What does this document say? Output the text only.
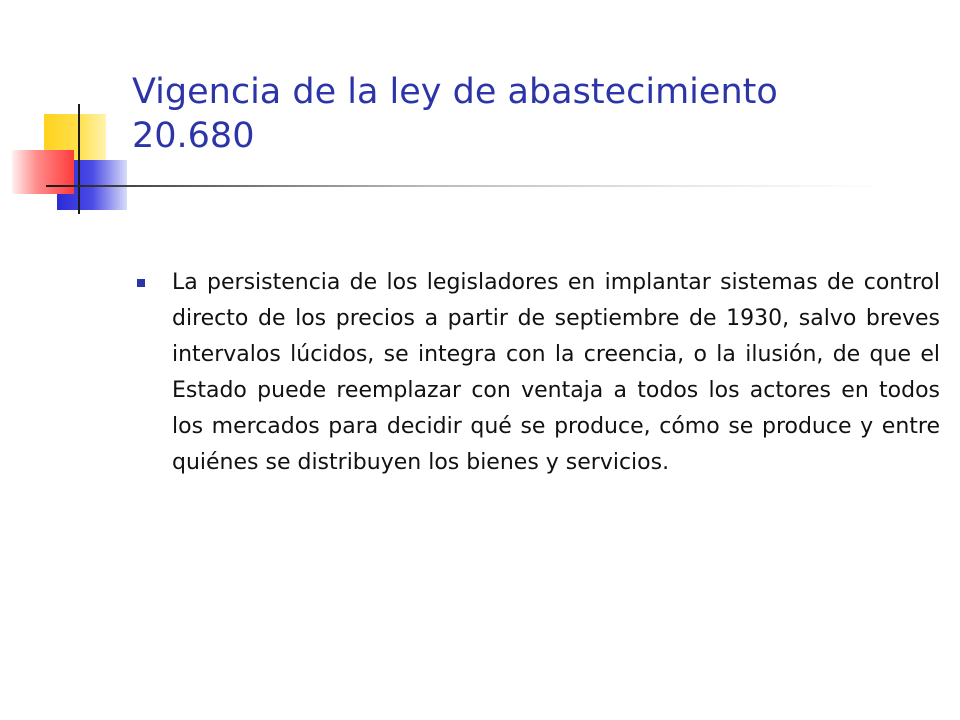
Vigencia de la ley de abastecimiento 20.680
La persistencia de los legisladores en implantar sistemas de control directo de los precios a partir de septiembre de 1930, salvo breves intervalos lúcidos, se integra con la creencia, o la ilusión, de que el Estado puede reemplazar con ventaja a todos los actores en todos los mercados para decidir qué se produce, cómo se produce y entre quiénes se distribuyen los bienes y servicios.
